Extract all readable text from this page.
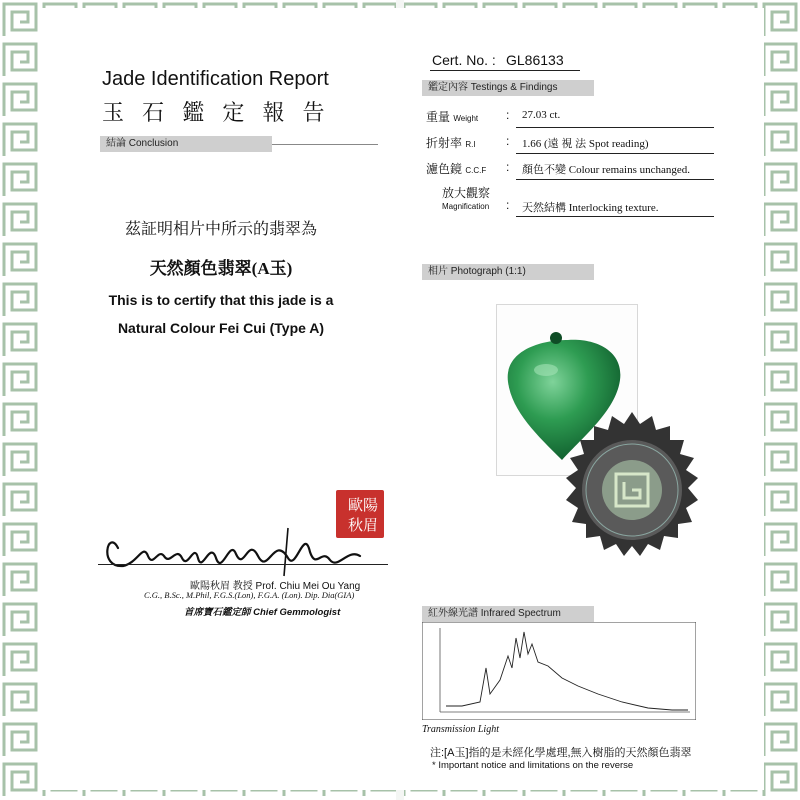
Jade Identification Report
玉 石 鑑 定 報 告
結論 Conclusion
茲証明相片中所示的翡翠為
天然顏色翡翠(A玉)
This is to certify that this jade is a
Natural Colour Fei Cui (Type A)
歐陽
秋眉
歐陽秋眉 教授 Prof. Chiu Mei Ou Yang
C.G., B.Sc., M.Phil, F.G.S.(Lon), F.G.A. (Lon). Dip. Dia(GIA)
首席寶石鑑定師 Chief Gemmologist
Cert. No. : GL86133
鑑定內容 Testings & Findings
重量 Weight : 27.03 ct.
折射率 R.I	: 1.66 (遠 視 法 Spot reading)
濾色鏡 C.C.F : 顏色不變 Colour remains unchanged.
放大觀察
Magnification : 天然結構 Interlocking texture.
相片 Photograph (1:1)
紅外線光譜 Infrared Spectrum
Transmission Light
注:[A玉]指的是未經化學處理,無入樹脂的天然顏色翡翠
* Important notice and limitations on the reverse
